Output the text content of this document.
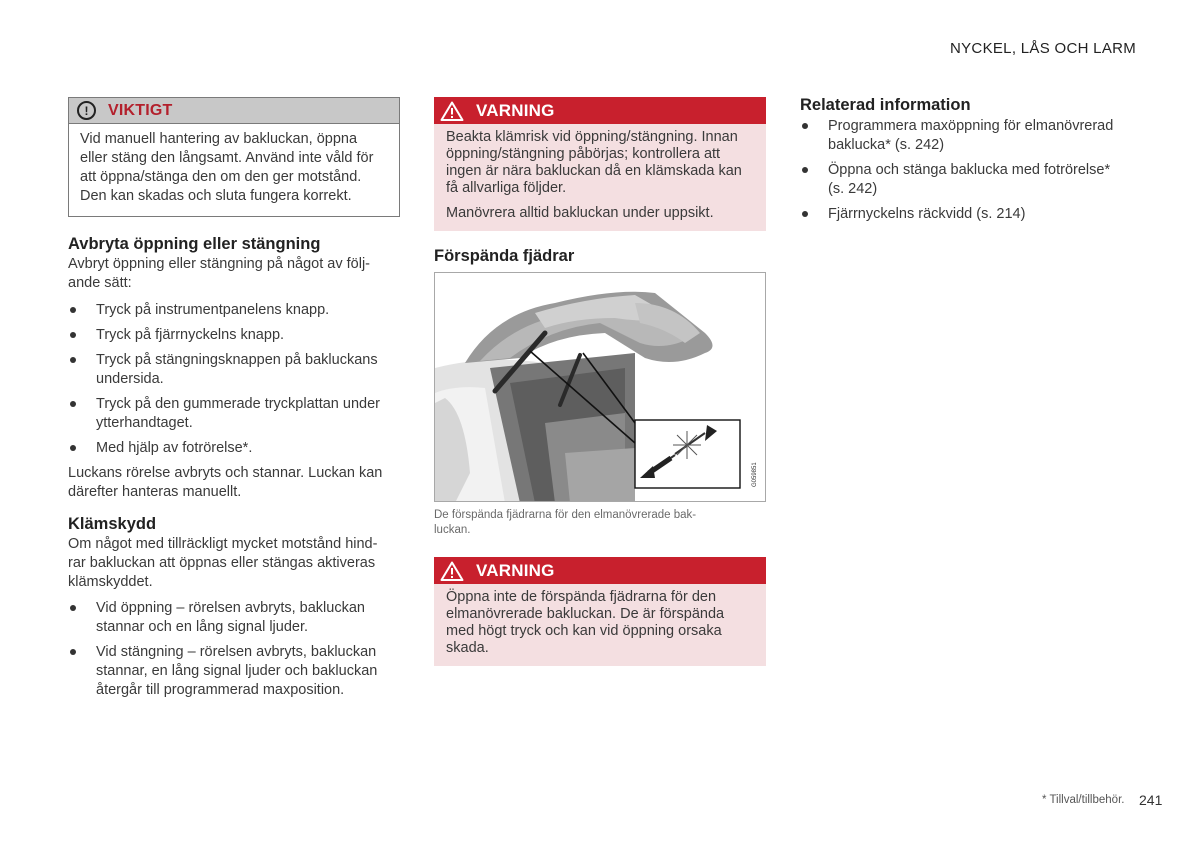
NYCKEL, LÅS OCH LARM
!	VIKTIGT
Vid manuell hantering av bakluckan, öppna
eller stäng den långsamt. Använd inte våld för
att öppna/stänga den om den ger motstånd.
Den kan skadas och sluta fungera korrekt.
Avbryta öppning eller stängning
Avbryt öppning eller stängning på något av följ-
ande sätt:
Tryck på instrumentpanelens knapp.
Tryck på fjärrnyckelns knapp.
Tryck på stängningsknappen på bakluckans
undersida.
Tryck på den gummerade tryckplattan under
ytterhandtaget.
Med hjälp av fotrörelse*.
Luckans rörelse avbryts och stannar. Luckan kan
därefter hanteras manuellt.
Klämskydd
Om något med tillräckligt mycket motstånd hind-
rar bakluckan att öppnas eller stängas aktiveras
klämskyddet.
Vid öppning – rörelsen avbryts, bakluckan
stannar och en lång signal ljuder.
Vid stängning – rörelsen avbryts, bakluckan
stannar, en lång signal ljuder och bakluckan
återgår till programmerad maxposition.
VARNING

Beakta klämrisk vid öppning/stängning. Innan
öppning/stängning påbörjas; kontrollera att
ingen är nära bakluckan då en klämskada kan
få allvarliga följder.

Manövrera alltid bakluckan under uppsikt.

Förspända fjädrar
G059851
De förspända fjädrarna för den elmanövrerade bak-
luckan.
VARNING
Öppna inte de förspända fjädrarna för den
elmanövrerade bakluckan. De är förspända
med högt tryck och kan vid öppning orsaka
skada.
Relaterad information
Programmera maxöppning för elmanövrerad
baklucka* (s. 242)
Öppna och stänga baklucka med fotrörelse*
(s. 242)
Fjärrnyckelns räckvidd (s. 214)
* Tillval/tillbehör. 241
